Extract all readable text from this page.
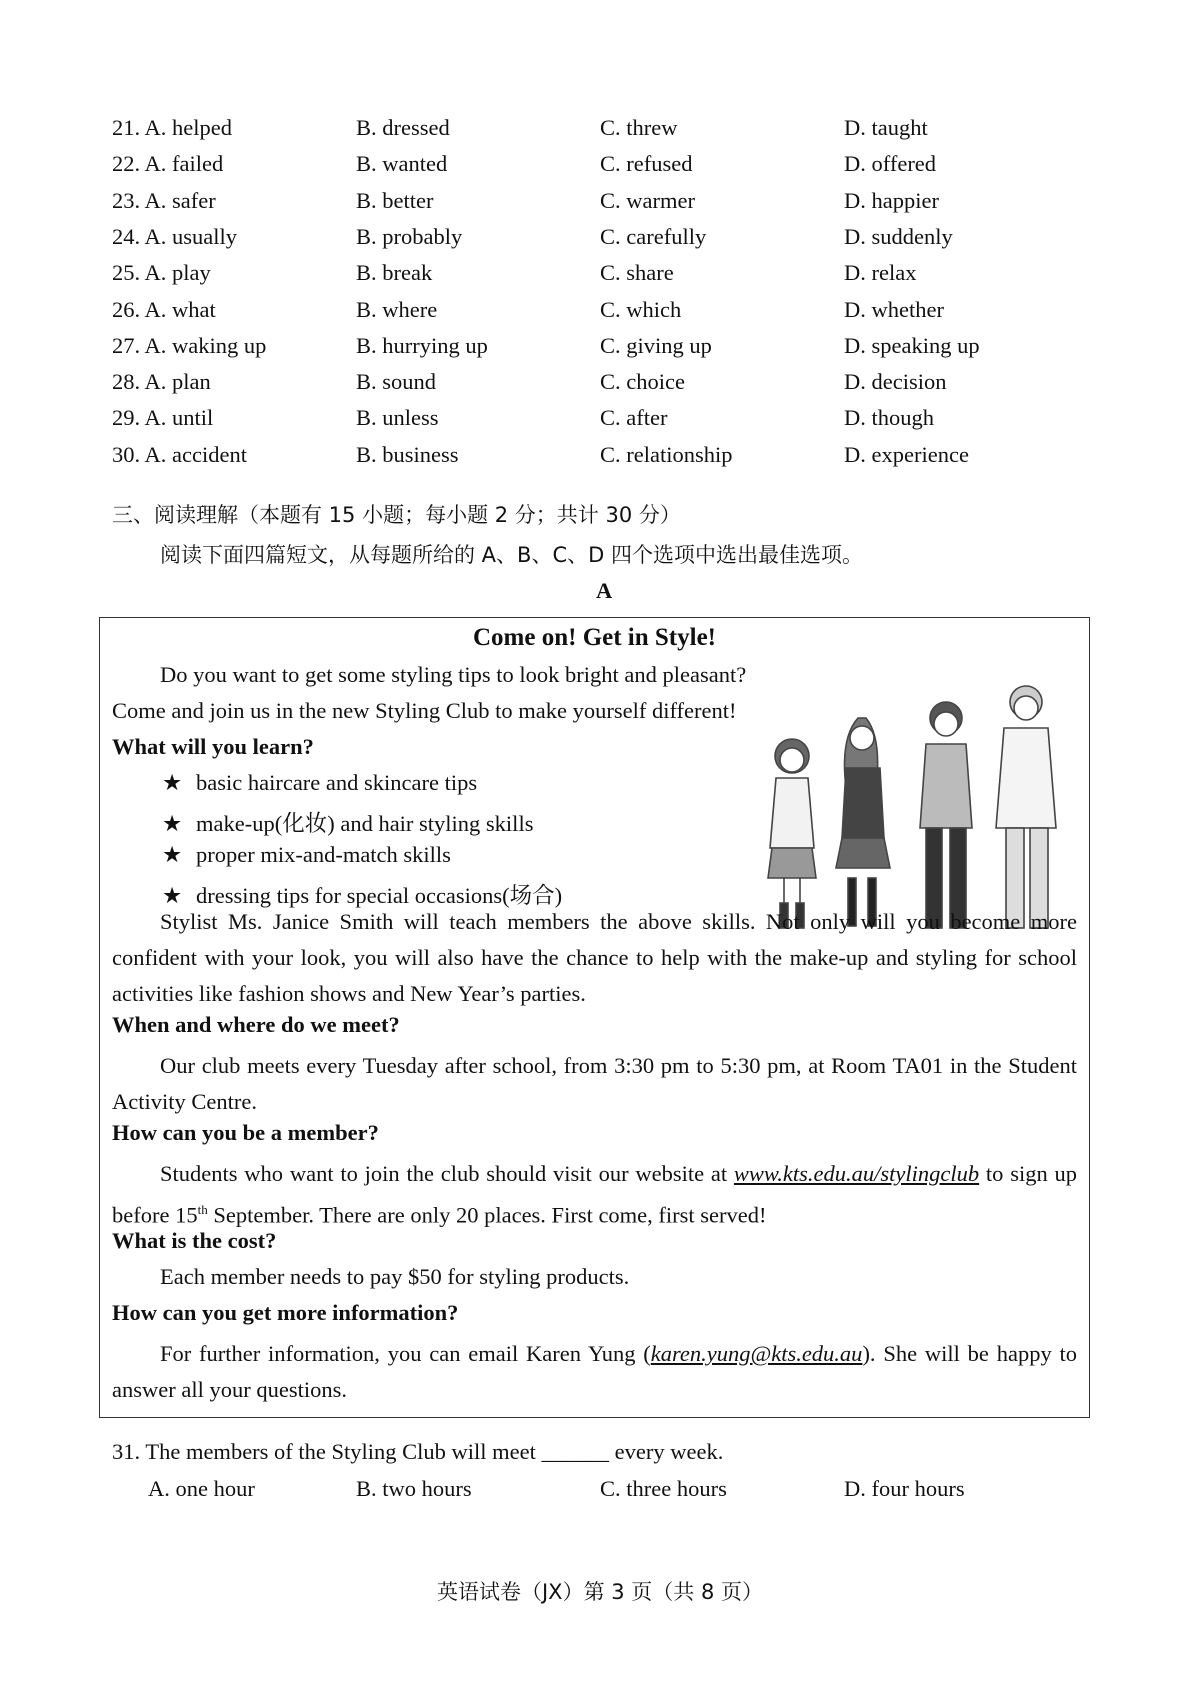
21. A. helped	B. dressed	C. threw	D. taught
22. A. failed	B. wanted	C. refused	D. offered
23. A. safer	B. better	C. warmer	D. happier
24. A. usually	B. probably	C. carefully	D. suddenly
25. A. play	B. break	C. share	D. relax
26. A. what	B. where	C. which	D. whether
27. A. waking up	B. hurrying up	C. giving up	D. speaking up
28. A. plan	B. sound	C. choice	D. decision
29. A. until	B. unless	C. after	D. though
30. A. accident	B. business	C. relationship	D. experience
三、阅读理解（本题有 15 小题；每小题 2 分；共计 30 分）
阅读下面四篇短文，从每题所给的 A、B、C、D 四个选项中选出最佳选项。
A
Come on! Get in Style!
Do you want to get some styling tips to look bright and pleasant?
Come and join us in the new Styling Club to make yourself different!
What will you learn?
★ basic haircare and skincare tips
★ make-up(化妆) and hair styling skills
★ proper mix-and-match skills
★ dressing tips for special occasions(场合)
Stylist Ms. Janice Smith will teach members the above skills. Not only will you become more confident with your look, you will also have the chance to help with the make-up and styling for school activities like fashion shows and New Year’s parties.
When and where do we meet?
Our club meets every Tuesday after school, from 3:30 pm to 5:30 pm, at Room TA01 in the Student Activity Centre.
How can you be a member?
Students who want to join the club should visit our website at www.kts.edu.au/stylingclub to sign up before 15th September. There are only 20 places. First come, first served!
What is the cost?
Each member needs to pay $50 for styling products.
How can you get more information?
For further information, you can email Karen Yung (karen.yung@kts.edu.au). She will be happy to answer all your questions.
31. The members of the Styling Club will meet ______ every week.
A. one hour	B. two hours	C. three hours	D. four hours
英语试卷（JX）第 3 页（共 8 页）
